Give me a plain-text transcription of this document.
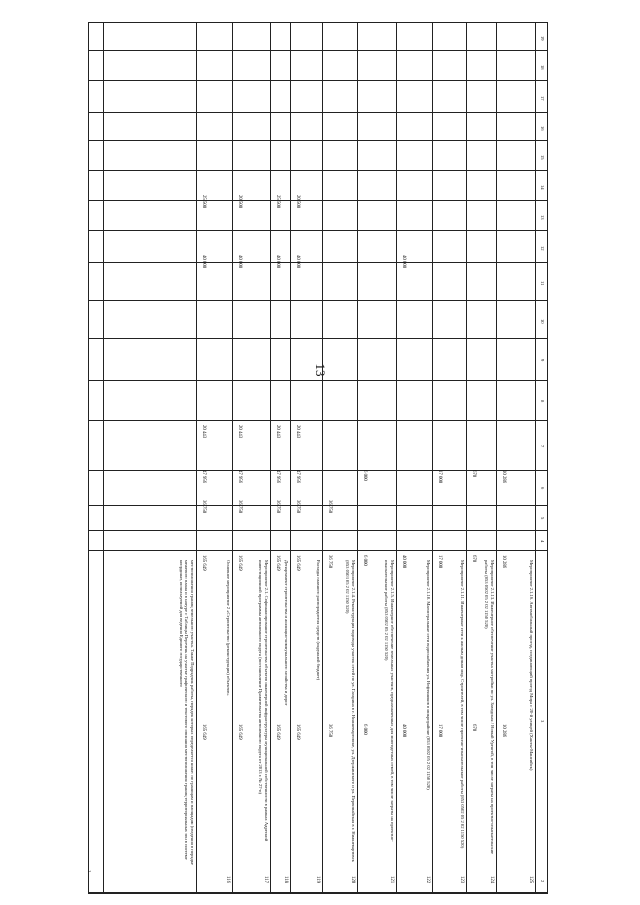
13
3
4
5
6
7
8
9
10
11
12
13
14
15
16
17
18
19
1
2
местоположения границ земельного участка. Также Подрядчик работы, порядок которых определяется ниже: по границам и площадям (сведения в порядке межевого плана и в натуре с Таблицы Перечень на участке графического и текстового описания местоположения границ территориальных зон в системе координат, используемой для ведения Единого государственного
116
Основное мероприятие 2 «Строительство (реконструкция) объектов»
165 649
165 649
36 750
47 956
20 443
40 000
25 500
117
Мероприятие 2.1. Софинансирование строительства объектов инженерной инфраструктуры муниципальной собственности в рамках Адресной инвестиционной программы автономного округа (постановление Правительства автономного округа от 2013 г. № 27-п)
165 649
165 649
36 750
47 956
20 443
40 000
20 500
118
Департамент строительства и жилищно-коммунального хозяйства и дорог
165 649
165 649
36 750
47 956
20 443
40 000
25 500
119
Расходы главного распорядителя средств (окружной бюджет)
165 649
165 649
36 750
47 956
20 443
40 000
20 500
120
Мероприятие 2.1.4. Реконструкция водовода участок сетей по ул. Гагарина в г. Нижневартовске, ул. Дзержинского и ул. Первомайская в г. Нижневартовск (853 0503 05 2 02 1150 520)
36 750
36 750
36 750
121
Мероприятие 2.1.5. Инженерное обеспечение земельных участков, предназначенных для многодетных семей, в том числе затраты на проектно-изыскательские работы (853 0502 05 2 02 1150 520)
6 000
6 000
6 000
122
Мероприятие 2.1.10. Магистральные сети водоснабжения ул. Нефтяников в микрорайоне (853 0502 05 2 02 1150 520)
40 000
40 000
40 000
123
Мероприятие 2.1.11. Инженерные сети к жилым домам мкр. Строителей, в том числе проектно-изыскательские работы (853 0502 05 2 02 1150 520)
17 000
17 000
17 000
124
Мероприятие 2.1.13. Инженерное обеспечение участка застройки по ул. Заводская / Новый Уренгой, в том числе затраты на проектно-изыскательские работы (853 0502 05 2 02 1150 520)
670
670
670
125
Мероприятие 2.1.16. Автомобильный проезд, соединяющий проезд Мира с 20-й улицей (Ханты-Мансийск)
10 286
10 286
10 286
